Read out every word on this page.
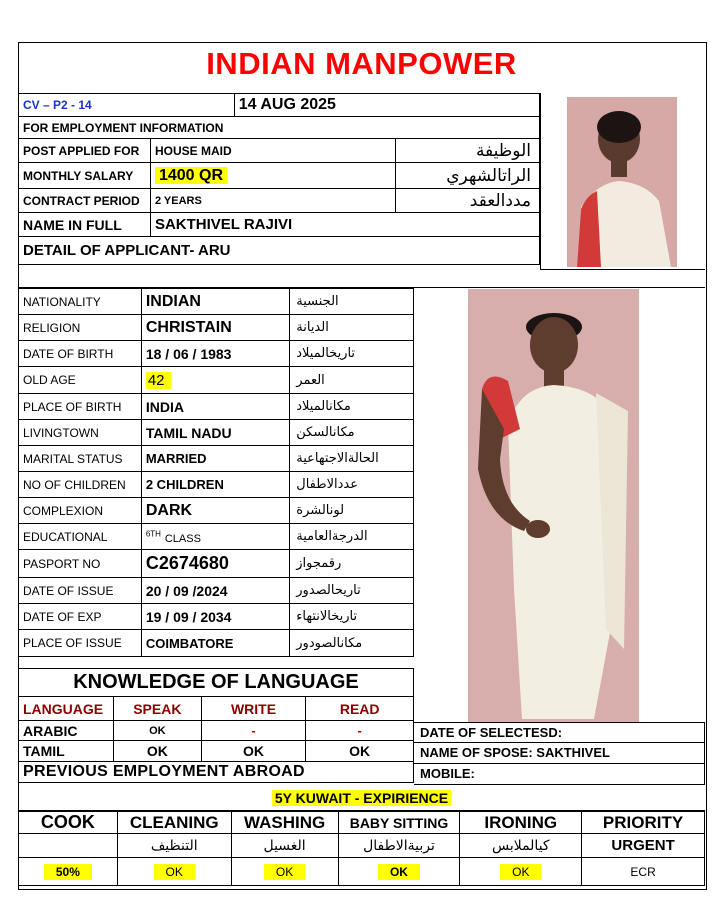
INDIAN MANPOWER
CV – P2 - 14		14 AUG 2025	
FOR EMPLOYMENT INFORMATION			
POST APPLIED FOR	HOUSE MAID		الوظيفة
MONTHLY SALARY	1400 QR		الراتالشهري
CONTRACT PERIOD	2 YEARS		مددالعقد
NAME IN FULL	SAKTHIVEL RAJIVI		
DETAIL OF APPLICANT- ARU			
NATIONALITY	INDIAN	الجنسية
RELIGION	CHRISTAIN	الديانة
DATE OF BIRTH	18 / 06 / 1983	تاريخالميلاد
OLD AGE	42	العمر
PLACE OF BIRTH	INDIA	مكانالميلاد
LIVINGTOWN	TAMIL NADU	مكانالسكن
MARITAL STATUS	MARRIED	الحالةالاجتهاعية
NO OF CHILDREN	2 CHILDREN	عددالاطفال
COMPLEXION	DARK	لونالشرة
EDUCATIONAL	$^{6TH}$ CLASS	الدرجةالعامية
PASPORT NO	C2674680	رقمجواز
DATE OF ISSUE	20 / 09 /2024	تاريحالصدور
DATE OF EXP	19 / 09 / 2034	تاريخالانتهاء
PLACE OF ISSUE	COIMBATORE	مكانالصودور
KNOWLEDGE OF LANGUAGE			
LANGUAGE	SPEAK	WRITE	READ
ARABIC	OK	-	-
TAMIL	OK	OK	OK
PREVIOUS EMPLOYMENT ABROAD			
DATE OF SELECTESD:
NAME OF SPOSE: SAKTHIVEL
MOBILE:
5Y KUWAIT - EXPIRIENCE
COOK	CLEANING	WASHING	BABY SITTING	IRONING	PRIORITY
	التنظيف	الغسيل	تربيةالاطفال	كيالملابس	URGENT
50%	OK	OK	OK	OK	ECR
